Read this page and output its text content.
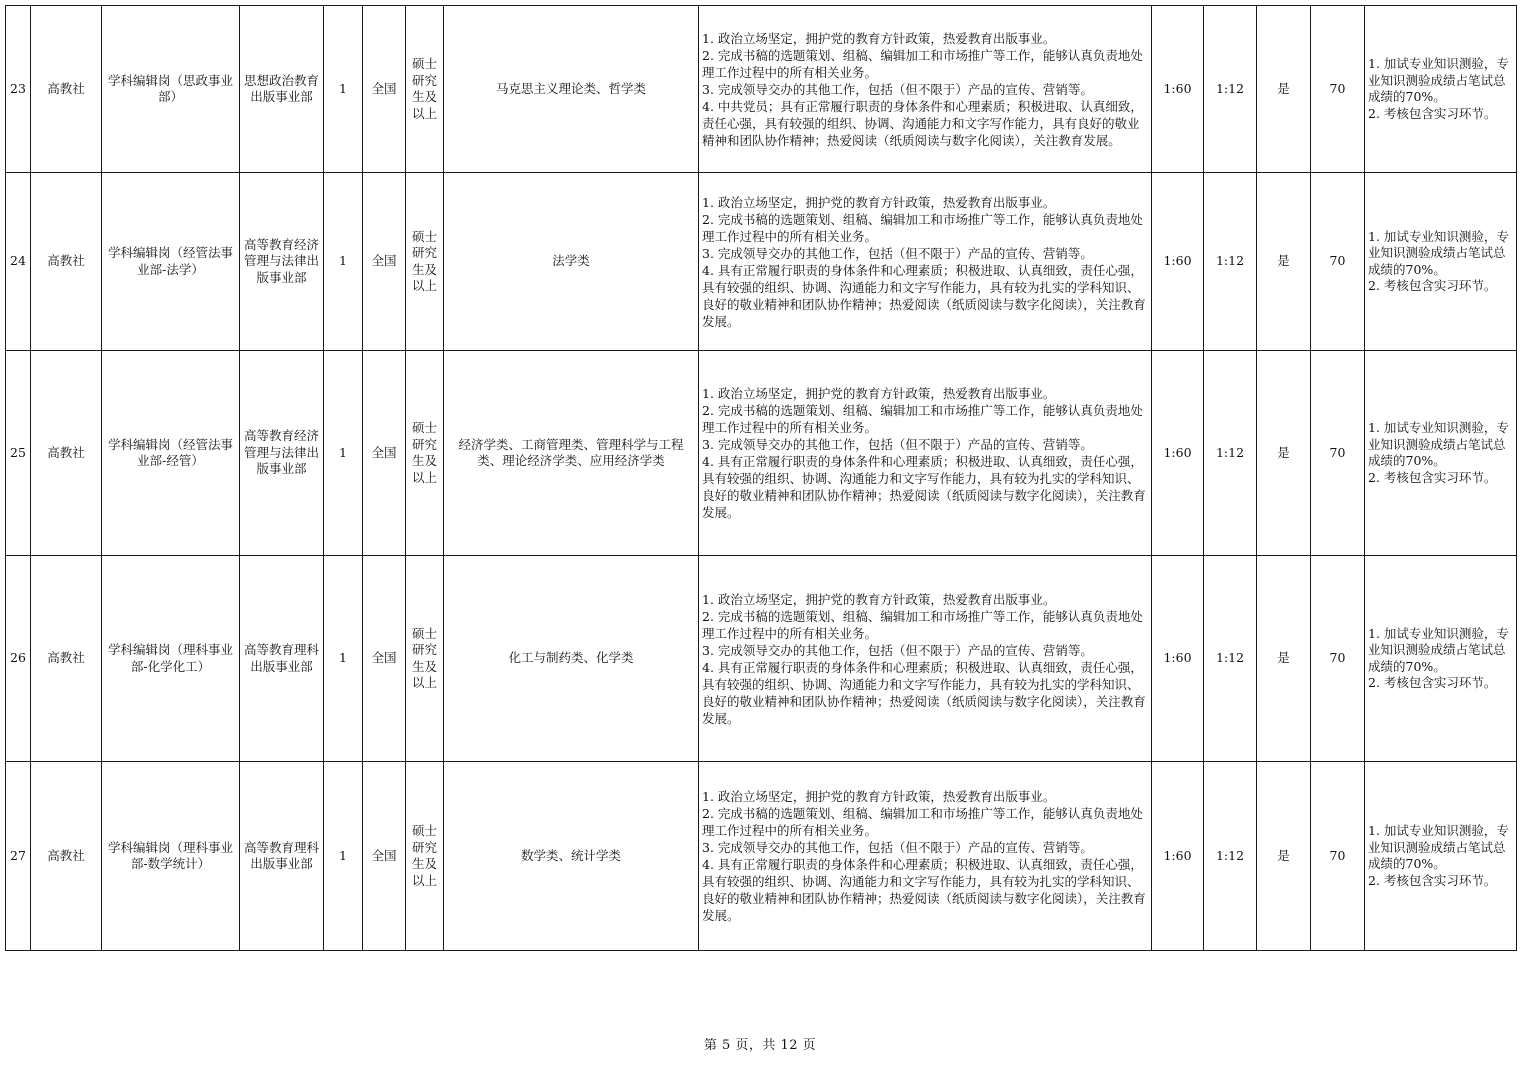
23	高教社	学科编辑岗（思政事业部）	思想政治教育出版事业部	1	全国	硕士研究生及以上	马克思主义理论类、哲学类	1. 政治立场坚定，拥护党的教育方针政策，热爱教育出版事业。
2. 完成书稿的选题策划、组稿、编辑加工和市场推广等工作，能够认真负责地处理工作过程中的所有相关业务。
3. 完成领导交办的其他工作，包括（但不限于）产品的宣传、营销等。
4. 中共党员；具有正常履行职责的身体条件和心理素质；积极进取、认真细致，责任心强，具有较强的组织、协调、沟通能力和文字写作能力，具有良好的敬业精神和团队协作精神；热爱阅读（纸质阅读与数字化阅读），关注教育发展。	1:60	1:12	是	70	1. 加试专业知识测验，专业知识测验成绩占笔试总成绩的70%。
2. 考核包含实习环节。

24	高教社	学科编辑岗（经管法事业部-法学）	高等教育经济管理与法律出版事业部	1	全国	硕士研究生及以上	法学类	1. 政治立场坚定，拥护党的教育方针政策，热爱教育出版事业。
2. 完成书稿的选题策划、组稿、编辑加工和市场推广等工作，能够认真负责地处理工作过程中的所有相关业务。
3. 完成领导交办的其他工作，包括（但不限于）产品的宣传、营销等。
4. 具有正常履行职责的身体条件和心理素质；积极进取、认真细致，责任心强，具有较强的组织、协调、沟通能力和文字写作能力，具有较为扎实的学科知识、良好的敬业精神和团队协作精神；热爱阅读（纸质阅读与数字化阅读），关注教育发展。	1:60	1:12	是	70	1. 加试专业知识测验，专业知识测验成绩占笔试总成绩的70%。
2. 考核包含实习环节。

25	高教社	学科编辑岗（经管法事业部-经管）	高等教育经济管理与法律出版事业部	1	全国	硕士研究生及以上	经济学类、工商管理类、管理科学与工程类、理论经济学类、应用经济学类	1. 政治立场坚定，拥护党的教育方针政策，热爱教育出版事业。
2. 完成书稿的选题策划、组稿、编辑加工和市场推广等工作，能够认真负责地处理工作过程中的所有相关业务。
3. 完成领导交办的其他工作，包括（但不限于）产品的宣传、营销等。
4. 具有正常履行职责的身体条件和心理素质；积极进取、认真细致，责任心强，具有较强的组织、协调、沟通能力和文字写作能力，具有较为扎实的学科知识、良好的敬业精神和团队协作精神；热爱阅读（纸质阅读与数字化阅读），关注教育发展。	1:60	1:12	是	70	1. 加试专业知识测验，专业知识测验成绩占笔试总成绩的70%。
2. 考核包含实习环节。

26	高教社	学科编辑岗（理科事业部-化学化工）	高等教育理科出版事业部	1	全国	硕士研究生及以上	化工与制药类、化学类	1. 政治立场坚定，拥护党的教育方针政策，热爱教育出版事业。
2. 完成书稿的选题策划、组稿、编辑加工和市场推广等工作，能够认真负责地处理工作过程中的所有相关业务。
3. 完成领导交办的其他工作，包括（但不限于）产品的宣传、营销等。
4. 具有正常履行职责的身体条件和心理素质；积极进取、认真细致，责任心强，具有较强的组织、协调、沟通能力和文字写作能力，具有较为扎实的学科知识、良好的敬业精神和团队协作精神；热爱阅读（纸质阅读与数字化阅读），关注教育发展。	1:60	1:12	是	70	1. 加试专业知识测验，专业知识测验成绩占笔试总成绩的70%。
2. 考核包含实习环节。

27	高教社	学科编辑岗（理科事业部-数学统计）	高等教育理科出版事业部	1	全国	硕士研究生及以上	数学类、统计学类	1. 政治立场坚定，拥护党的教育方针政策，热爱教育出版事业。
2. 完成书稿的选题策划、组稿、编辑加工和市场推广等工作，能够认真负责地处理工作过程中的所有相关业务。
3. 完成领导交办的其他工作，包括（但不限于）产品的宣传、营销等。
4. 具有正常履行职责的身体条件和心理素质；积极进取、认真细致，责任心强，具有较强的组织、协调、沟通能力和文字写作能力，具有较为扎实的学科知识、良好的敬业精神和团队协作精神；热爱阅读（纸质阅读与数字化阅读），关注教育发展。	1:60	1:12	是	70	1. 加试专业知识测验，专业知识测验成绩占笔试总成绩的70%。
2. 考核包含实习环节。
第 5 页，共 12 页
